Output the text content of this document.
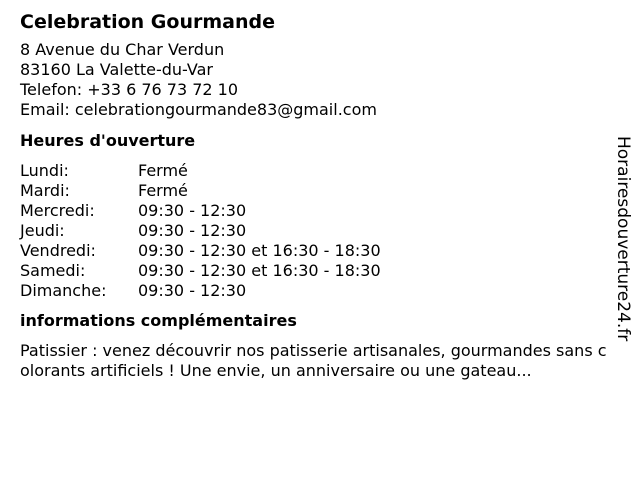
Celebration Gourmande
8 Avenue du Char Verdun
83160 La Valette-du-Var
Telefon: +33 6 76 73 72 10
Email: celebrationgourmande83@gmail.com
Heures d'ouverture
Lundi:	Fermé
Mardi:	Fermé
Mercredi:	09:30 - 12:30
Jeudi:	09:30 - 12:30
Vendredi:	09:30 - 12:30 et 16:30 - 18:30
Samedi:	09:30 - 12:30 et 16:30 - 18:30
Dimanche:	09:30 - 12:30
informations complémentaires
Patissier : venez découvrir nos patisserie artisanales, gourmandes sans colorants artificiels ! Une envie, un anniversaire ou une gateau...
Horairesdouverture24.fr
